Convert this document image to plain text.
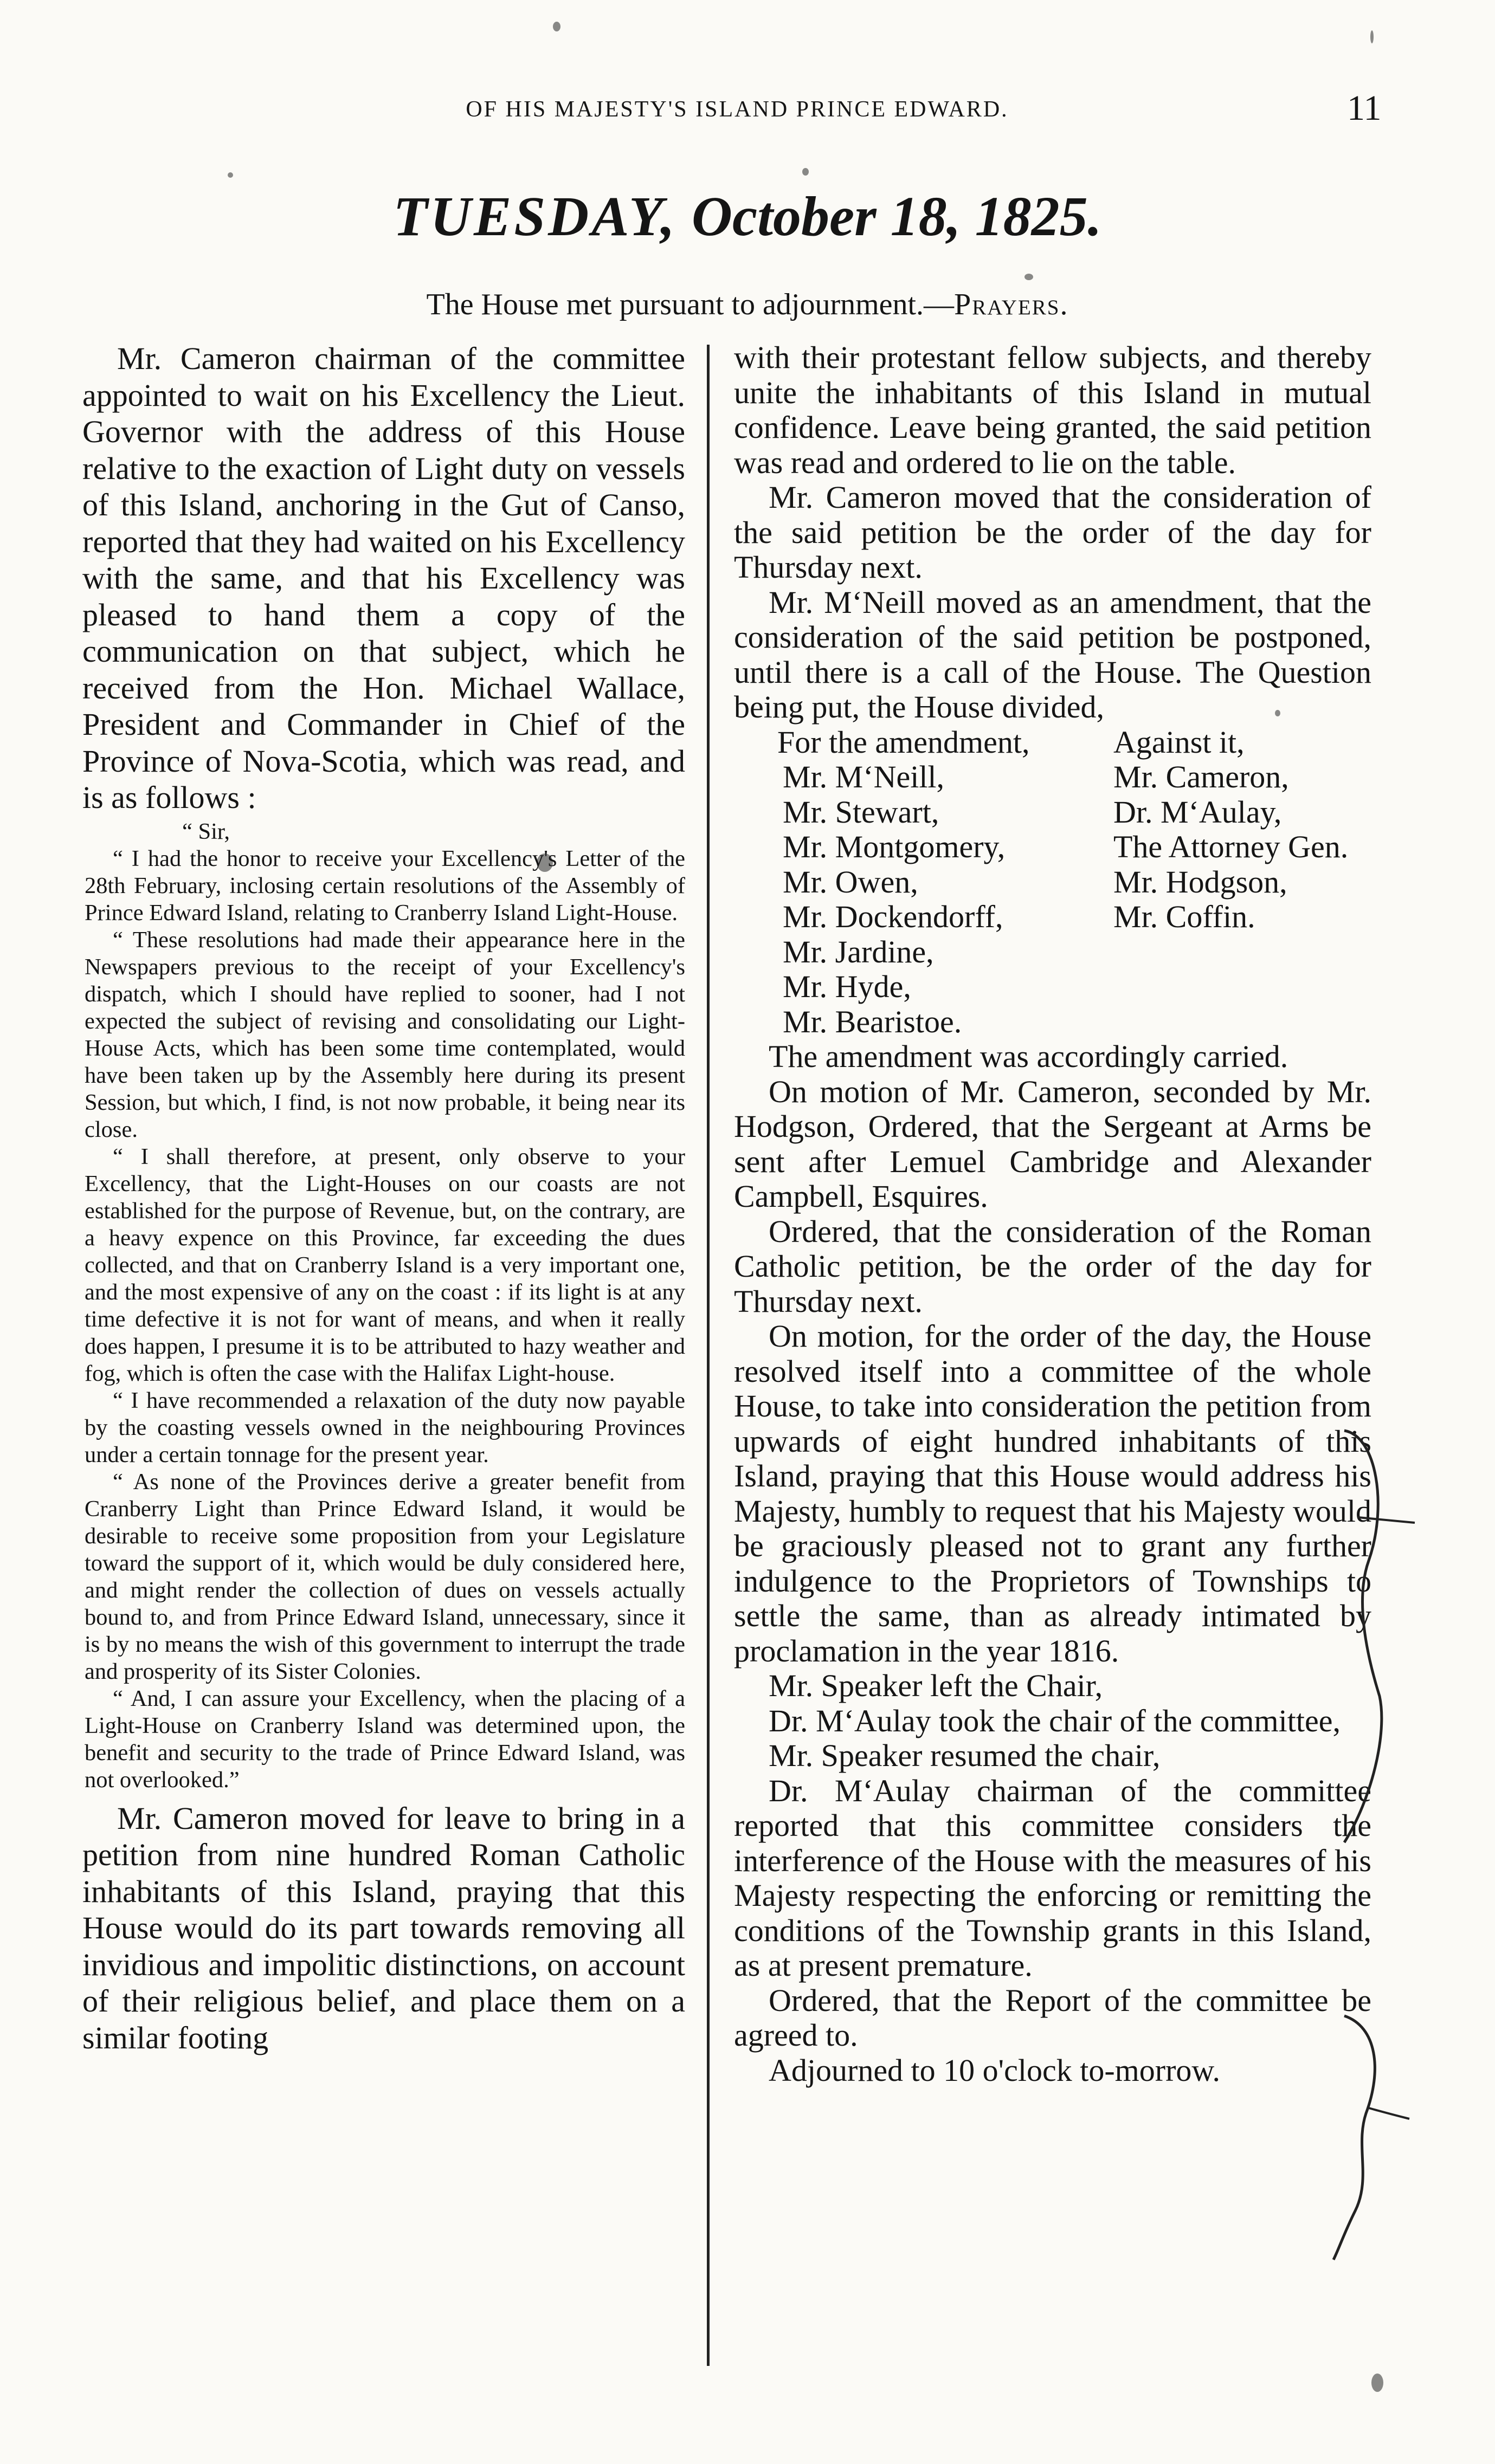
OF HIS MAJESTY'S ISLAND PRINCE EDWARD.	11
TUESDAY, October 18, 1825.
The House met pursuant to adjournment.—Prayers.

Mr. Cameron chairman of the committee appointed to wait on his Excellency the Lieut. Governor with the address of this House relative to the exaction of Light duty on vessels of this Island, anchoring in the Gut of Canso, reported that they had waited on his Excellency with the same, and that his Excellency was pleased to hand them a copy of the communication on that subject, which he received from the Hon. Michael Wallace, President and Commander in Chief of the Province of Nova-Scotia, which was read, and is as follows :

“ Sir,

“ I had the honor to receive your Excellency's Letter of the 28th February, inclosing certain resolutions of the Assembly of Prince Edward Island, relating to Cranberry Island Light-House.

“ These resolutions had made their appearance here in the Newspapers previous to the receipt of your Excellency's dispatch, which I should have replied to sooner, had I not expected the subject of revising and consolidating our Light-House Acts, which has been some time contemplated, would have been taken up by the Assembly here during its present Session, but which, I find, is not now probable, it being near its close.

“ I shall therefore, at present, only observe to your Excellency, that the Light-Houses on our coasts are not established for the purpose of Revenue, but, on the contrary, are a heavy expence on this Province, far exceeding the dues collected, and that on Cranberry Island is a very important one, and the most expensive of any on the coast : if its light is at any time defective it is not for want of means, and when it really does happen, I presume it is to be attributed to hazy weather and fog, which is often the case with the Halifax Light-house.

“ I have recommended a relaxation of the duty now payable by the coasting vessels owned in the neighbouring Provinces under a certain tonnage for the present year.

“ As none of the Provinces derive a greater benefit from Cranberry Light than Prince Edward Island, it would be desirable to receive some proposition from your Legislature toward the support of it, which would be duly considered here, and might render the collection of dues on vessels actually bound to, and from Prince Edward Island, unnecessary, since it is by no means the wish of this government to interrupt the trade and prosperity of its Sister Colonies.

“ And, I can assure your Excellency, when the placing of a Light-House on Cranberry Island was determined upon, the benefit and security to the trade of Prince Edward Island, was not overlooked.”

Mr. Cameron moved for leave to bring in a petition from nine hundred Roman Catholic inhabitants of this Island, praying that this House would do its part towards removing all invidious and impolitic distinctions, on account of their religious belief, and place them on a similar footing

with their protestant fellow subjects, and thereby unite the inhabitants of this Island in mutual confidence. Leave being granted, the said petition was read and ordered to lie on the table.

Mr. Cameron moved that the consideration of the said petition be the order of the day for Thursday next.

Mr. M‘Neill moved as an amendment, that the consideration of the said petition be postponed, until there is a call of the House. The Question being put, the House divided,

For the amendment,	Against it,
Mr. M‘Neill,	Mr. Cameron,
Mr. Stewart,	Dr. M‘Aulay,
Mr. Montgomery,	The Attorney Gen.
Mr. Owen,	Mr. Hodgson,
Mr. Dockendorff,	Mr. Coffin.
Mr. Jardine,
Mr. Hyde,
Mr. Bearistoe.

The amendment was accordingly carried.

On motion of Mr. Cameron, seconded by Mr. Hodgson, Ordered, that the Sergeant at Arms be sent after Lemuel Cambridge and Alexander Campbell, Esquires.

Ordered, that the consideration of the Roman Catholic petition, be the order of the day for Thursday next.

On motion, for the order of the day, the House resolved itself into a committee of the whole House, to take into consideration the petition from upwards of eight hundred inhabitants of this Island, praying that this House would address his Majesty, humbly to request that his Majesty would be graciously pleased not to grant any further indulgence to the Proprietors of Townships to settle the same, than as already intimated by proclamation in the year 1816.

Mr. Speaker left the Chair,

Dr. M‘Aulay took the chair of the committee,

Mr. Speaker resumed the chair,

Dr. M‘Aulay chairman of the committee reported that this committee considers the interference of the House with the measures of his Majesty respecting the enforcing or remitting the conditions of the Township grants in this Island, as at present premature.

Ordered, that the Report of the committee be agreed to.

Adjourned to 10 o'clock to-morrow.
